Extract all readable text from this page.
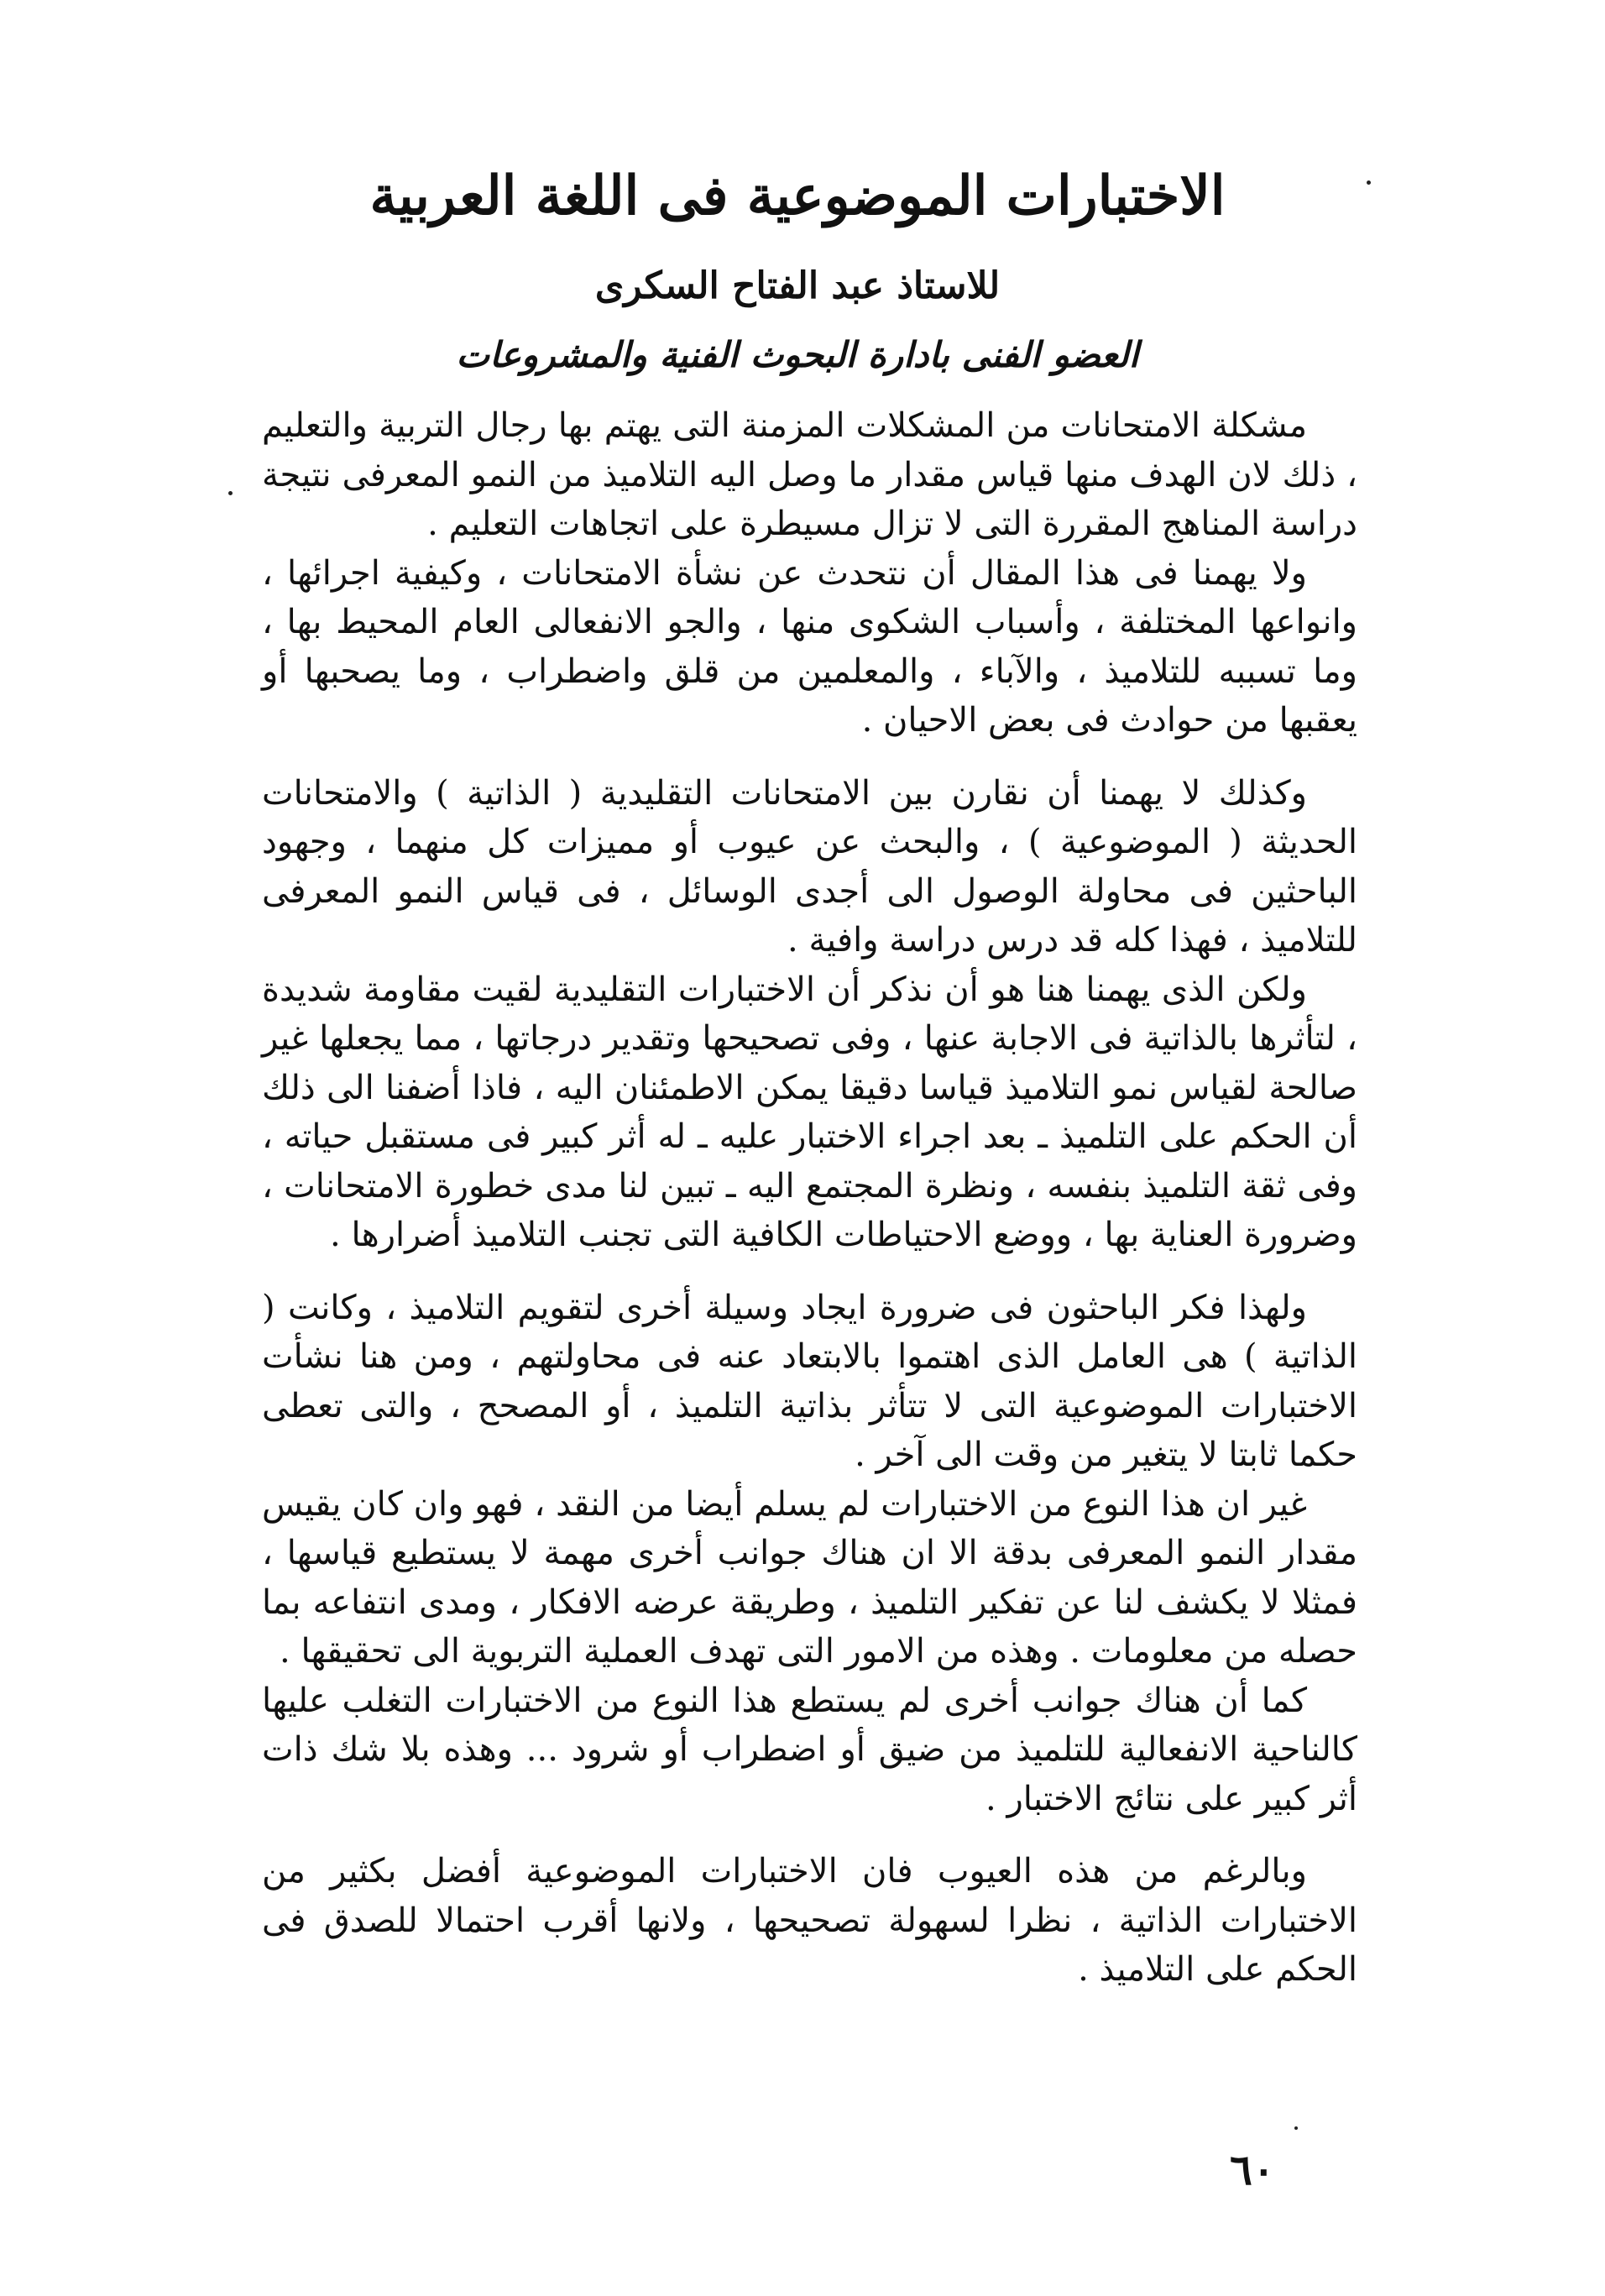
الاختبارات الموضوعية فى اللغة العربية
للاستاذ عبد الفتاح السكرى
العضو الفنى بادارة البحوث الفنية والمشروعات

مشكلة الامتحانات من المشكلات المزمنة التى يهتم بها رجال التربية والتعليم ، ذلك لان الهدف منها قياس مقدار ما وصل اليه التلاميذ من النمو المعرفى نتيجة دراسة المناهج المقررة التى لا تزال مسيطرة على اتجاهات التعليم .

ولا يهمنا فى هذا المقال أن نتحدث عن نشأة الامتحانات ، وكيفية اجرائها ، وانواعها المختلفة ، وأسباب الشكوى منها ، والجو الانفعالى العام المحيط بها ، وما تسببه للتلاميذ ، والآباء ، والمعلمين من قلق واضطراب ، وما يصحبها أو يعقبها من حوادث فى بعض الاحيان .

وكذلك لا يهمنا أن نقارن بين الامتحانات التقليدية ( الذاتية ) والامتحانات الحديثة ( الموضوعية ) ، والبحث عن عيوب أو مميزات كل منهما ، وجهود الباحثين فى محاولة الوصول الى أجدى الوسائل ، فى قياس النمو المعرفى للتلاميذ ، فهذا كله قد درس دراسة وافية .

ولكن الذى يهمنا هنا هو أن نذكر أن الاختبارات التقليدية لقيت مقاومة شديدة ، لتأثرها بالذاتية فى الاجابة عنها ، وفى تصحيحها وتقدير درجاتها ، مما يجعلها غير صالحة لقياس نمو التلاميذ قياسا دقيقا يمكن الاطمئنان اليه ، فاذا أضفنا الى ذلك أن الحكم على التلميذ ـ بعد اجراء الاختبار عليه ـ له أثر كبير فى مستقبل حياته ، وفى ثقة التلميذ بنفسه ، ونظرة المجتمع اليه ـ تبين لنا مدى خطورة الامتحانات ، وضرورة العناية بها ، ووضع الاحتياطات الكافية التى تجنب التلاميذ أضرارها .

ولهذا فكر الباحثون فى ضرورة ايجاد وسيلة أخرى لتقويم التلاميذ ، وكانت ( الذاتية ) هى العامل الذى اهتموا بالابتعاد عنه فى محاولتهم ، ومن هنا نشأت الاختبارات الموضوعية التى لا تتأثر بذاتية التلميذ ، أو المصحح ، والتى تعطى حكما ثابتا لا يتغير من وقت الى آخر .

غير ان هذا النوع من الاختبارات لم يسلم أيضا من النقد ، فهو وان كان يقيس مقدار النمو المعرفى بدقة الا ان هناك جوانب أخرى مهمة لا يستطيع قياسها ، فمثلا لا يكشف لنا عن تفكير التلميذ ، وطريقة عرضه الافكار ، ومدى انتفاعه بما حصله من معلومات . وهذه من الامور التى تهدف العملية التربوية الى تحقيقها .

كما أن هناك جوانب أخرى لم يستطع هذا النوع من الاختبارات التغلب عليها كالناحية الانفعالية للتلميذ من ضيق أو اضطراب أو شرود ... وهذه بلا شك ذات أثر كبير على نتائج الاختبار .

وبالرغم من هذه العيوب فان الاختبارات الموضوعية أفضل بكثير من الاختبارات الذاتية ، نظرا لسهولة تصحيحها ، ولانها أقرب احتمالا للصدق فى الحكم على التلاميذ .

٦٠
